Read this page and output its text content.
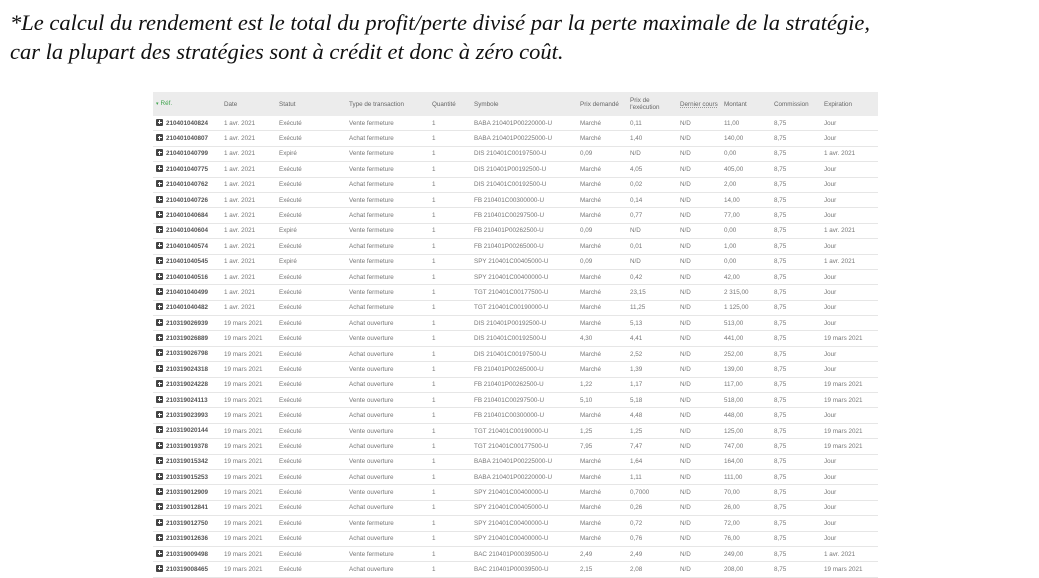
*Le calcul du rendement est le total du profit/perte divisé par la perte maximale de la stratégie,
car la plupart des stratégies sont à crédit et donc à zéro coût.
▾ Réf.	Date	Statut	Type de transaction	Quantité	Symbole	Prix demandé	Prix de l'exécution	Dernier cours	Montant	Commission	Expiration
210401040824	1 avr. 2021	Exécuté	Vente fermeture	1	BABA 210401P00220000-U	Marché	0,11	N/D	11,00	8,75	Jour
210401040807	1 avr. 2021	Exécuté	Achat fermeture	1	BABA 210401P00225000-U	Marché	1,40	N/D	140,00	8,75	Jour
210401040799	1 avr. 2021	Expiré	Vente fermeture	1	DIS 210401C00197500-U	0,09	N/D	N/D	0,00	8,75	1 avr. 2021
210401040775	1 avr. 2021	Exécuté	Vente fermeture	1	DIS 210401P00192500-U	Marché	4,05	N/D	405,00	8,75	Jour
210401040762	1 avr. 2021	Exécuté	Achat fermeture	1	DIS 210401C00192500-U	Marché	0,02	N/D	2,00	8,75	Jour
210401040726	1 avr. 2021	Exécuté	Vente fermeture	1	FB 210401C00300000-U	Marché	0,14	N/D	14,00	8,75	Jour
210401040684	1 avr. 2021	Exécuté	Achat fermeture	1	FB 210401C00297500-U	Marché	0,77	N/D	77,00	8,75	Jour
210401040604	1 avr. 2021	Expiré	Vente fermeture	1	FB 210401P00262500-U	0,09	N/D	N/D	0,00	8,75	1 avr. 2021
210401040574	1 avr. 2021	Exécuté	Achat fermeture	1	FB 210401P00265000-U	Marché	0,01	N/D	1,00	8,75	Jour
210401040545	1 avr. 2021	Expiré	Vente fermeture	1	SPY 210401C00405000-U	0,09	N/D	N/D	0,00	8,75	1 avr. 2021
210401040516	1 avr. 2021	Exécuté	Achat fermeture	1	SPY 210401C00400000-U	Marché	0,42	N/D	42,00	8,75	Jour
210401040499	1 avr. 2021	Exécuté	Vente fermeture	1	TGT 210401C00177500-U	Marché	23,15	N/D	2 315,00	8,75	Jour
210401040482	1 avr. 2021	Exécuté	Achat fermeture	1	TGT 210401C00190000-U	Marché	11,25	N/D	1 125,00	8,75	Jour
210319026939	19 mars 2021	Exécuté	Achat ouverture	1	DIS 210401P00192500-U	Marché	5,13	N/D	513,00	8,75	Jour
210319026889	19 mars 2021	Exécuté	Vente ouverture	1	DIS 210401C00192500-U	4,30	4,41	N/D	441,00	8,75	19 mars 2021
210319026798	19 mars 2021	Exécuté	Achat ouverture	1	DIS 210401C00197500-U	Marché	2,52	N/D	252,00	8,75	Jour
210319024318	19 mars 2021	Exécuté	Vente ouverture	1	FB 210401P00265000-U	Marché	1,39	N/D	139,00	8,75	Jour
210319024228	19 mars 2021	Exécuté	Achat ouverture	1	FB 210401P00262500-U	1,22	1,17	N/D	117,00	8,75	19 mars 2021
210319024113	19 mars 2021	Exécuté	Vente ouverture	1	FB 210401C00297500-U	5,10	5,18	N/D	518,00	8,75	19 mars 2021
210319023993	19 mars 2021	Exécuté	Achat ouverture	1	FB 210401C00300000-U	Marché	4,48	N/D	448,00	8,75	Jour
210319020144	19 mars 2021	Exécuté	Vente ouverture	1	TGT 210401C00190000-U	1,25	1,25	N/D	125,00	8,75	19 mars 2021
210319019378	19 mars 2021	Exécuté	Achat ouverture	1	TGT 210401C00177500-U	7,95	7,47	N/D	747,00	8,75	19 mars 2021
210319015342	19 mars 2021	Exécuté	Vente ouverture	1	BABA 210401P00225000-U	Marché	1,64	N/D	164,00	8,75	Jour
210319015253	19 mars 2021	Exécuté	Achat ouverture	1	BABA 210401P00220000-U	Marché	1,11	N/D	111,00	8,75	Jour
210319012909	19 mars 2021	Exécuté	Vente ouverture	1	SPY 210401C00400000-U	Marché	0,7000	N/D	70,00	8,75	Jour
210319012841	19 mars 2021	Exécuté	Achat ouverture	1	SPY 210401C00405000-U	Marché	0,26	N/D	26,00	8,75	Jour
210319012750	19 mars 2021	Exécuté	Vente fermeture	1	SPY 210401C00400000-U	Marché	0,72	N/D	72,00	8,75	Jour
210319012636	19 mars 2021	Exécuté	Achat ouverture	1	SPY 210401C00400000-U	Marché	0,76	N/D	76,00	8,75	Jour
210319009498	19 mars 2021	Exécuté	Vente fermeture	1	BAC 210401P00039500-U	2,49	2,49	N/D	249,00	8,75	1 avr. 2021
210319008465	19 mars 2021	Exécuté	Achat ouverture	1	BAC 210401P00039500-U	2,15	2,08	N/D	208,00	8,75	19 mars 2021
